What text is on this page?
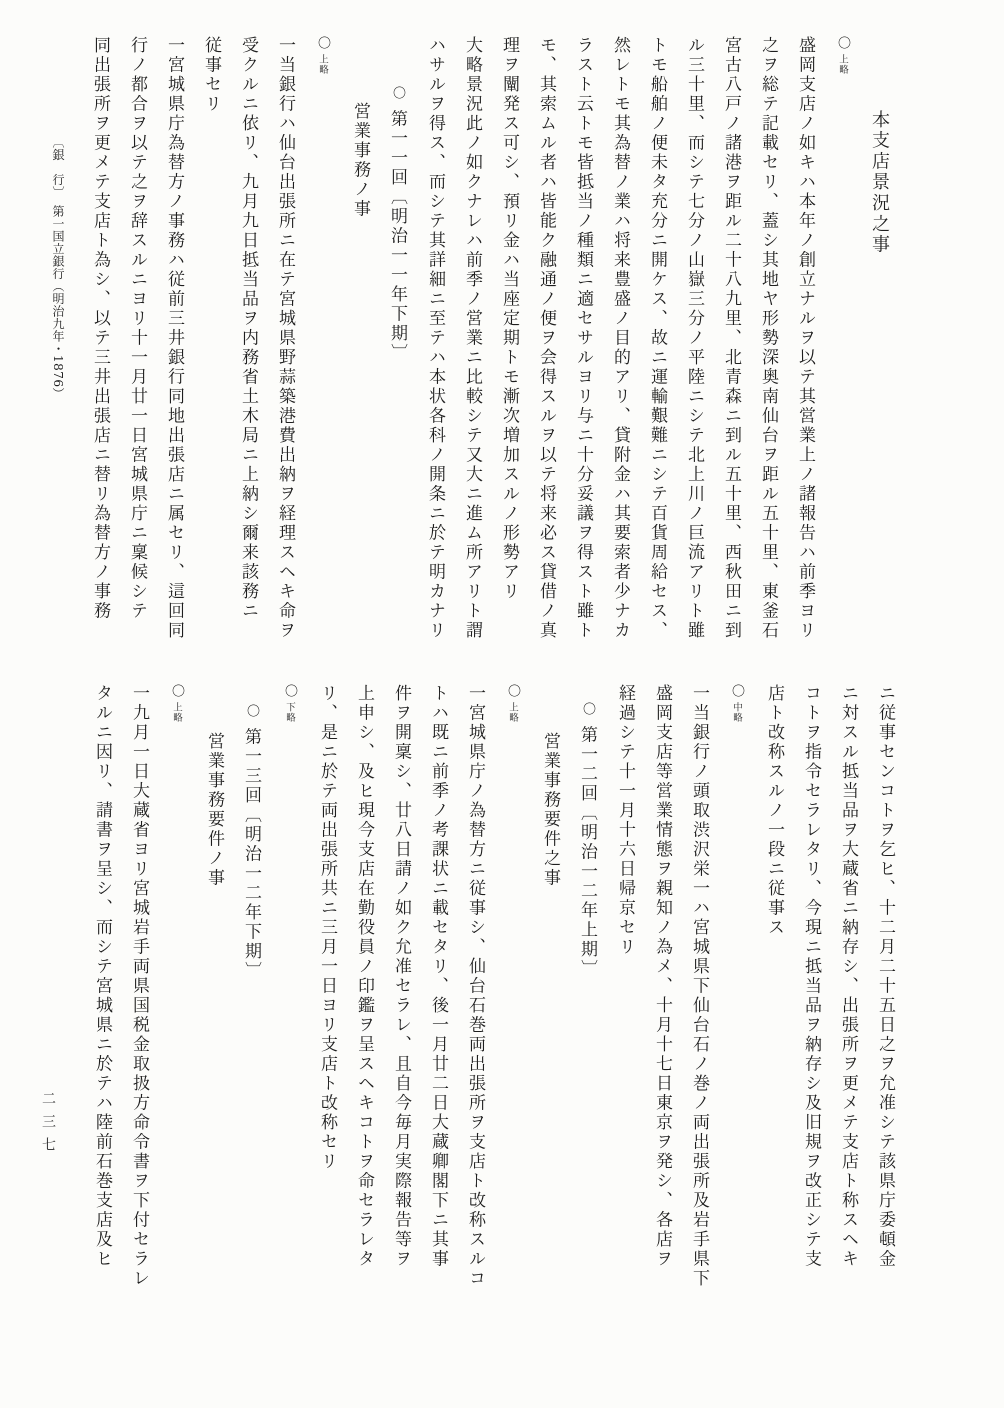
本支店景況之事
〇上略
盛岡支店ノ如キハ本年ノ創立ナルヲ以テ其営業上ノ諸報告ハ前季ヨリ
之ヲ総テ記載セリ、蓋シ其地ヤ形勢深奥南仙台ヲ距ル五十里、東釜石
宮古八戸ノ諸港ヲ距ル二十八九里、北青森ニ到ル五十里、西秋田ニ到
ル三十里、而シテ七分ノ山嶽三分ノ平陸ニシテ北上川ノ巨流アリト雖
トモ船舶ノ便未タ充分ニ開ケス、故ニ運輸艱難ニシテ百貨周給セス、
然レトモ其為替ノ業ハ将来豊盛ノ目的アリ、貸附金ハ其要索者少ナカ
ラスト云トモ皆抵当ノ種類ニ適セサルヨリ与ニ十分妥議ヲ得スト雖ト
モ、其索ムル者ハ皆能ク融通ノ便ヲ会得スルヲ以テ将来必ス貸借ノ真
理ヲ闡発ス可シ、預リ金ハ当座定期トモ漸次増加スルノ形勢アリ
大略景況此ノ如クナレハ前季ノ営業ニ比較シテ又大ニ進ム所アリト謂
ハサルヲ得ス、而シテ其詳細ニ至テハ本状各科ノ開条ニ於テ明カナリ
〇第一一回〔明治一一年下期〕
営業事務ノ事
〇上略
一当銀行ハ仙台出張所ニ在テ宮城県野蒜築港費出納ヲ経理スヘキ命ヲ
受クルニ依リ、九月九日抵当品ヲ内務省土木局ニ上納シ爾来該務ニ
従事セリ
一宮城県庁為替方ノ事務ハ従前三井銀行同地出張店ニ属セリ、這回同
行ノ都合ヲ以テ之ヲ辞スルニヨリ十一月廿一日宮城県庁ニ稟候シテ
同出張所ヲ更メテ支店ト為シ、以テ三井出張店ニ替リ為替方ノ事務
ニ従事センコトヲ乞ヒ、十二月二十五日之ヲ允准シテ該県庁委頓金
ニ対スル抵当品ヲ大蔵省ニ納存シ、出張所ヲ更メテ支店ト称スヘキ
コトヲ指令セラレタリ、今現ニ抵当品ヲ納存シ及旧規ヲ改正シテ支
店ト改称スルノ一段ニ従事ス
〇中略
一当銀行ノ頭取渋沢栄一ハ宮城県下仙台石ノ巻ノ両出張所及岩手県下
盛岡支店等営業情態ヲ親知ノ為メ、十月十七日東京ヲ発シ、各店ヲ
経過シテ十一月十六日帰京セリ
〇第一二回〔明治一二年上期〕
営業事務要件之事
〇上略
一宮城県庁ノ為替方ニ従事シ、仙台石巻両出張所ヲ支店ト改称スルコ
トハ既ニ前季ノ考課状ニ載セタリ、後一月廿二日大蔵卿閣下ニ其事
件ヲ開稟シ、廿八日請ノ如ク允准セラレ、且自今毎月実際報告等ヲ
上申シ、及ヒ現今支店在勤役員ノ印鑑ヲ呈スヘキコトヲ命セラレタ
リ、是ニ於テ両出張所共ニ三月一日ヨリ支店ト改称セリ
〇下略
〇第一三回〔明治一二年下期〕
営業事務要件ノ事
〇上略
一九月一日大蔵省ヨリ宮城岩手両県国税金取扱方命令書ヲ下付セラレ
タルニ因リ、請書ヲ呈シ、而シテ宮城県ニ於テハ陸前石巻支店及ヒ
〔銀　行〕　第一国立銀行（明治九年・1876）
二三七
